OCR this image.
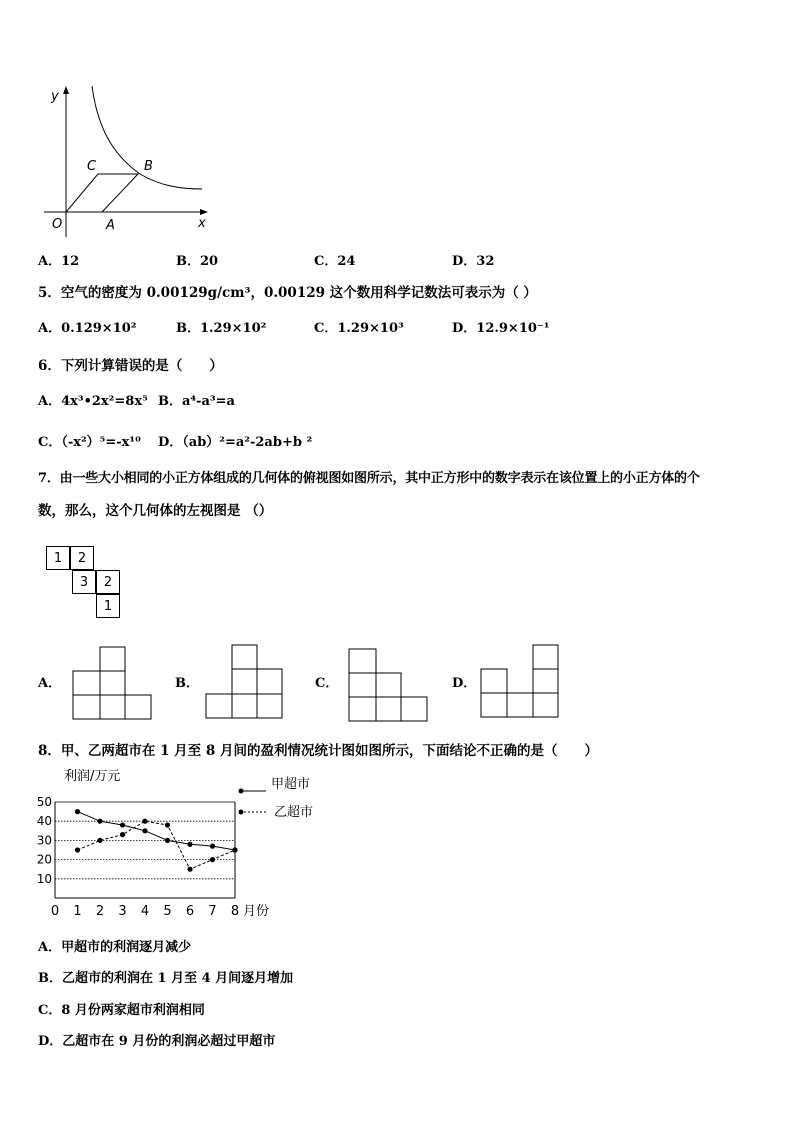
y
x
O	A
B
C
A．12	B．20	C．24	D．32
5．空气的密度为 0.00129g/cm³，0.00129 这个数用科学记数法可表示为（ ）
A．0.129×10²	B．1.29×10²	C．1.29×10³	D．12.9×10⁻¹
6．下列计算错误的是（　　）
A．4x³•2x²=8x⁵ B．a⁴-a³=a
C．（-x²）⁵=-x¹⁰ D．（ab）²=a²-2ab+b ²
7．由一些大小相同的小正方体组成的几何体的俯视图如图所示，其中正方形中的数字表示在该位置上的小正方体的个
数，那么，这个几何体的左视图是 （）
1	2
3	2
1
A．	B．	C．	D．
8．甲、乙两超市在 1 月至 8 月间的盈利情况统计图如图所示，下面结论不正确的是（　　）
利润/万元
月份
10
20
30
40
50
0 1 2 3 4 5 6 7 8
甲超市
乙超市
A．甲超市的利润逐月减少
B．乙超市的利润在 1 月至 4 月间逐月增加
C．8 月份两家超市利润相同
D．乙超市在 9 月份的利润必超过甲超市
